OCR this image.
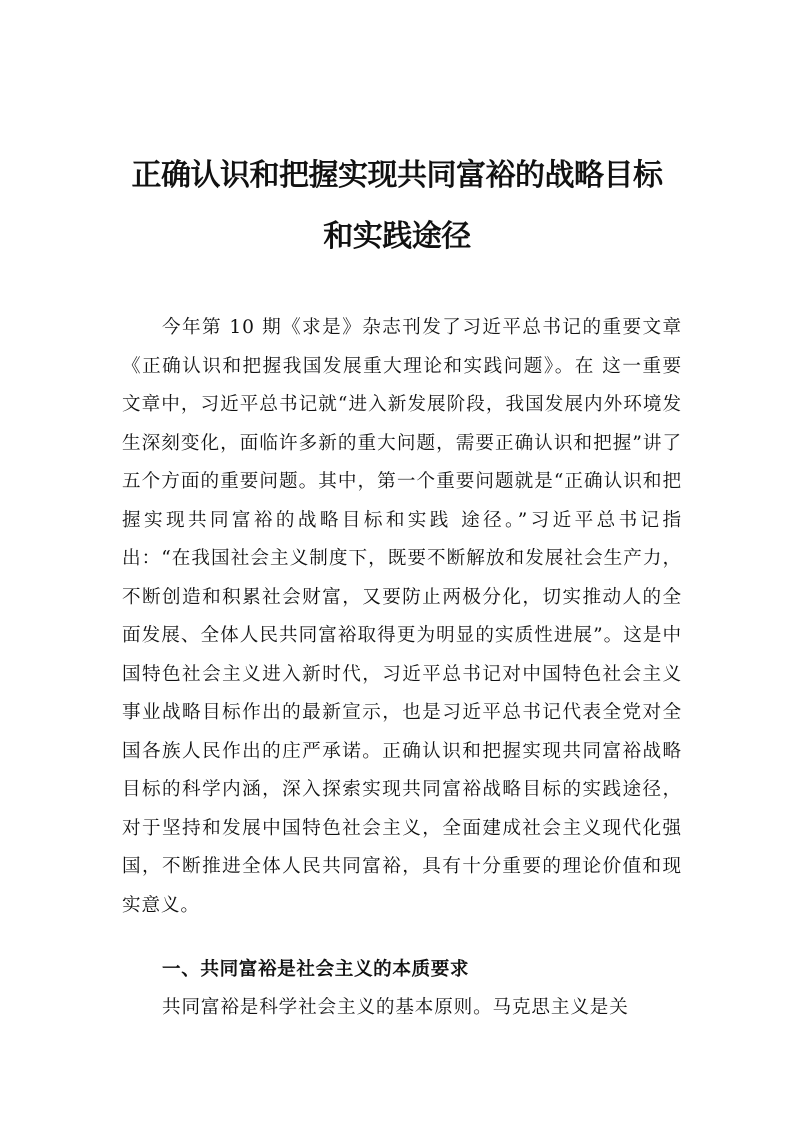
正确认识和把握实现共同富裕的战略目标
和实践途径

今年第 10 期《求是》杂志刊发了习近平总书记的重要文章《正确认识和把握我国发展重大理论和实践问题》。在 这一重要文章中，习近平总书记就“进入新发展阶段，我国发展内外环境发生深刻变化，面临许多新的重大问题，需要正确认识和把握”讲了五个方面的重要问题。其中，第一个重要问题就是“正确认识和把握实现共同富裕的战略目标和实践 途径。”习近平总书记指出：“在我国社会主义制度下，既要不断解放和发展社会生产力，不断创造和积累社会财富，又要防止两极分化，切实推动人的全面发展、全体人民共同富裕取得更为明显的实质性进展”。这是中国特色社会主义进入新时代，习近平总书记对中国特色社会主义事业战略目标作出的最新宣示，也是习近平总书记代表全党对全国各族人民作出的庄严承诺。正确认识和把握实现共同富裕战略目标的科学内涵，深入探索实现共同富裕战略目标的实践途径，对于坚持和发展中国特色社会主义，全面建成社会主义现代化强国，不断推进全体人民共同富裕，具有十分重要的理论价值和现实意义。

一、共同富裕是社会主义的本质要求

共同富裕是科学社会主义的基本原则。马克思主义是关
